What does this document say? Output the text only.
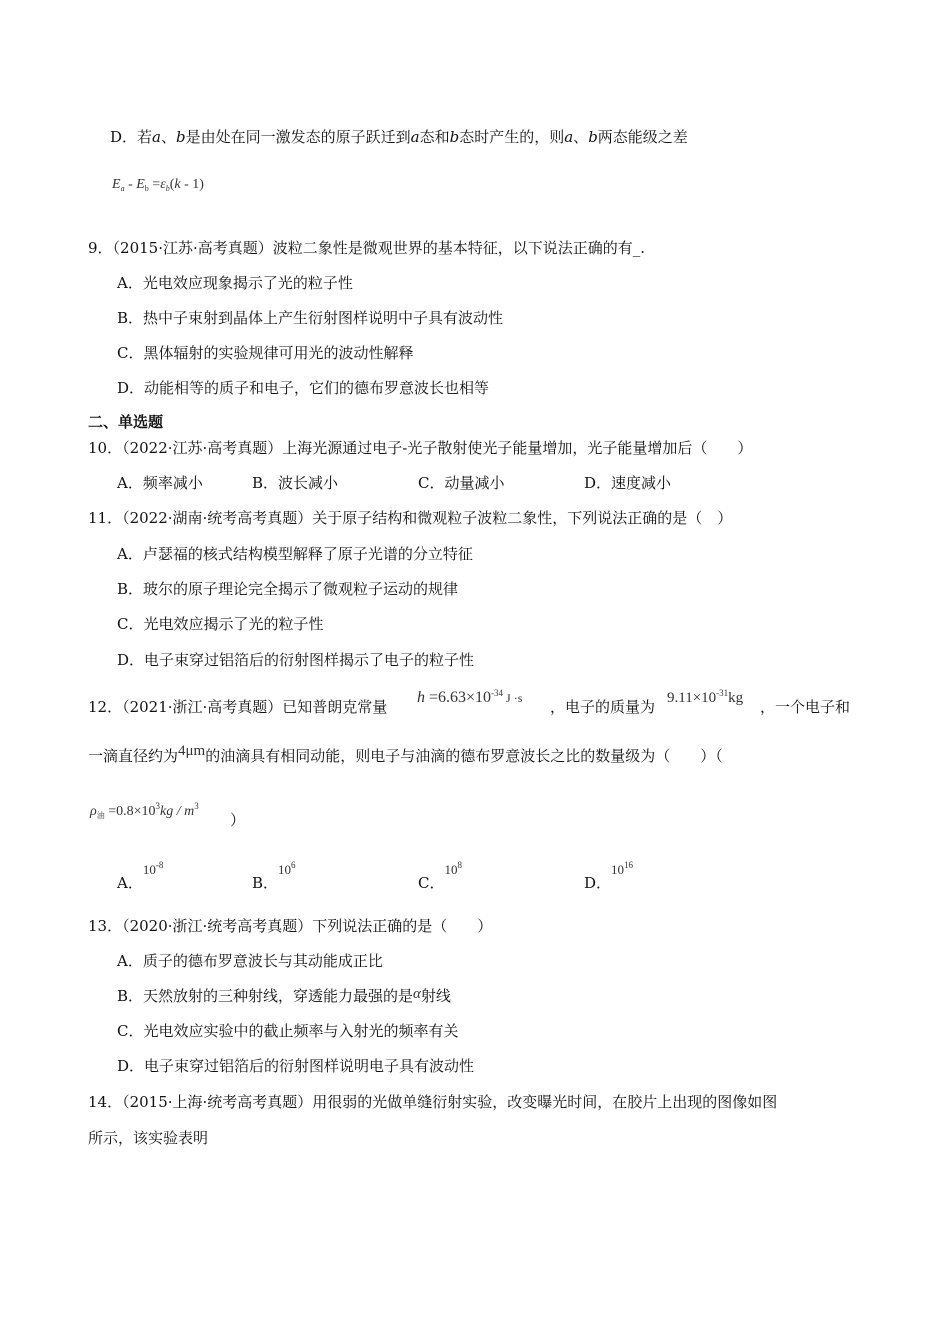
D．若a、b是由处在同一激发态的原子跃迁到a态和b态时产生的，则a、b两态能级之差
$E_a - E_b =\varepsilon_b(k - 1)$
9．（2015·江苏·高考真题）波粒二象性是微观世界的基本特征，以下说法正确的有_.
A．光电效应现象揭示了光的粒子性
B．热中子束射到晶体上产生衍射图样说明中子具有波动性
C．黑体辐射的实验规律可用光的波动性解释
D．动能相等的质子和电子，它们的德布罗意波长也相等
二、单选题
10．（2022·江苏·高考真题）上海光源通过电子-光子散射使光子能量增加，光子能量增加后（　　）
A．频率减小	B．波长减小	C．动量减小	D．速度减小
11．（2022·湖南·统考高考真题）关于原子结构和微观粒子波粒二象性，下列说法正确的是（　）
A．卢瑟福的核式结构模型解释了原子光谱的分立特征
B．玻尔的原子理论完全揭示了微观粒子运动的规律
C．光电效应揭示了光的粒子性
D．电子束穿过铝箔后的衍射图样揭示了电子的粒子性
12．（2021·浙江·高考真题）已知普朗克常量
$h =6.63\times 10^{-34}$ J ·s ，电子的质量为 $9.11\times 10^{-31}kg$ ，一个电子和
一滴直径约为4μm的油滴具有相同动能，则电子与油滴的德布罗意波长之比的数量级为（　　）（
$\rho_油 =0.8\times 10^3kg / m^3$
）
A．$10^{-8}$
B．$10^6$
C．$10^8$
D．$10^{16}$
13．（2020·浙江·统考高考真题）下列说法正确的是（　　）
A．质子的德布罗意波长与其动能成正比
B．天然放射的三种射线，穿透能力最强的是α射线
C．光电效应实验中的截止频率与入射光的频率有关
D．电子束穿过铝箔后的衍射图样说明电子具有波动性
14．（2015·上海·统考高考真题）用很弱的光做单缝衍射实验，改变曝光时间，在胶片上出现的图像如图
所示，该实验表明
